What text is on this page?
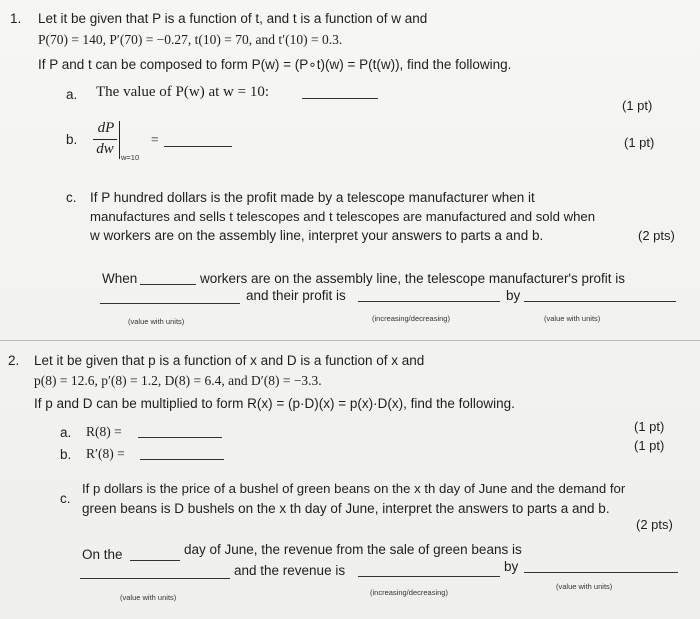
1. Let it be given that P is a function of t, and t is a function of w and
P(70) = 140, P′(70) = −0.27, t(10) = 70, and t′(10) = 0.3.
If P and t can be composed to form P(w) = (P∘t)(w) = P(t(w)), find the following.
a. The value of P(w) at w = 10:
(1 pt)
b.
dP
dw
w=10
=	(1 pt)
c. If P hundred dollars is the profit made by a telescope manufacturer when it
manufactures and sells t telescopes and t telescopes are manufactured and sold when
w workers are on the assembly line, interpret your answers to parts a and b.	(2 pts)
When	workers are on the assembly line, the telescope manufacturer's profit is
and their profit is	by
(value with units)	(increasing/decreasing)	(value with units)
2. Let it be given that p is a function of x and D is a function of x and
p(8) = 12.6, p′(8) = 1.2, D(8) = 6.4, and D′(8) = −3.3.
If p and D can be multiplied to form R(x) = (p·D)(x) = p(x)·D(x), find the following.
a. R(8) =	(1 pt)
b. R′(8) =
(1 pt)
c.
If p dollars is the price of a bushel of green beans on the x th day of June and the demand for
green beans is D bushels on the x th day of June, interpret the answers to parts a and b.
(2 pts)
On the	day of June, the revenue from the sale of green beans is
and the revenue is	by
(value with units)
(increasing/decreasing)
(value with units)
